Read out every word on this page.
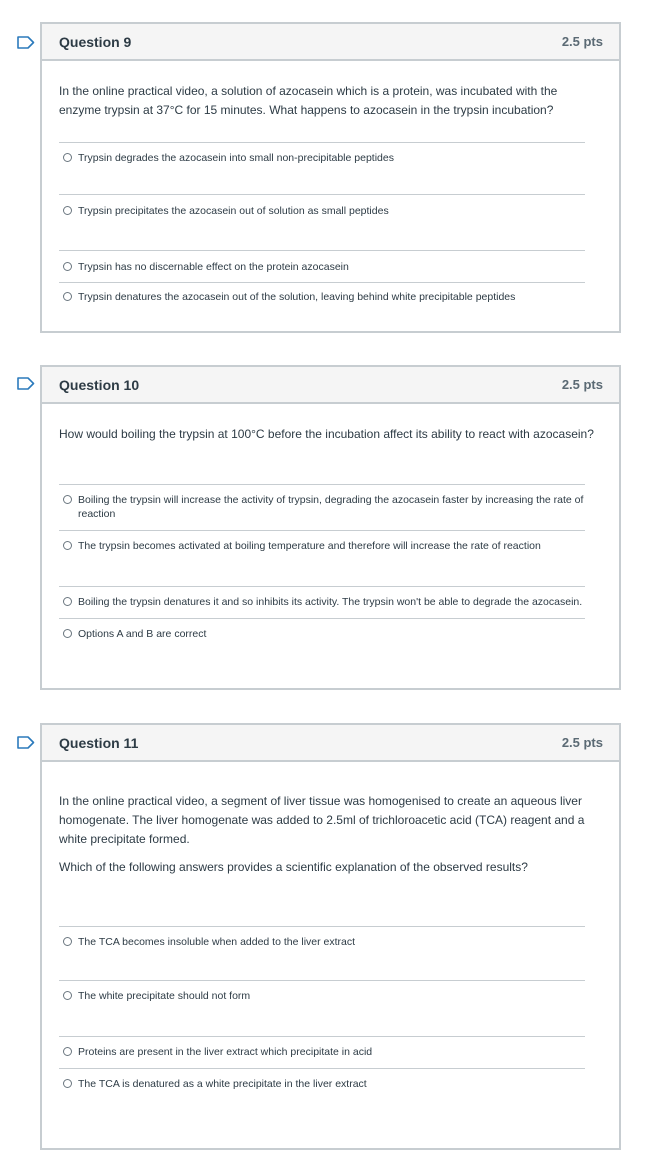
Question 9	2.5 pts

In the online practical video, a solution of azocasein which is a protein, was incubated with the enzyme trypsin at 37°C for 15 minutes. What happens to azocasein in the trypsin incubation?

Trypsin degrades the azocasein into small non-precipitable peptides
Trypsin precipitates the azocasein out of solution as small peptides
Trypsin has no discernable effect on the protein azocasein
Trypsin denatures the azocasein out of the solution, leaving behind white precipitable peptides
Question 10	2.5 pts

How would boiling the trypsin at 100°C before the incubation affect its ability to react with azocasein?

Boiling the trypsin will increase the activity of trypsin, degrading the azocasein faster by increasing the rate of reaction
The trypsin becomes activated at boiling temperature and therefore will increase the rate of reaction
Boiling the trypsin denatures it and so inhibits its activity. The trypsin won't be able to degrade the azocasein.
Options A and B are correct
Question 11	2.5 pts

In the online practical video, a segment of liver tissue was homogenised to create an aqueous liver homogenate. The liver homogenate was added to 2.5ml of trichloroacetic acid (TCA) reagent and a white precipitate formed.

Which of the following answers provides a scientific explanation of the observed results?

The TCA becomes insoluble when added to the liver extract
The white precipitate should not form
Proteins are present in the liver extract which precipitate in acid
The TCA is denatured as a white precipitate in the liver extract
